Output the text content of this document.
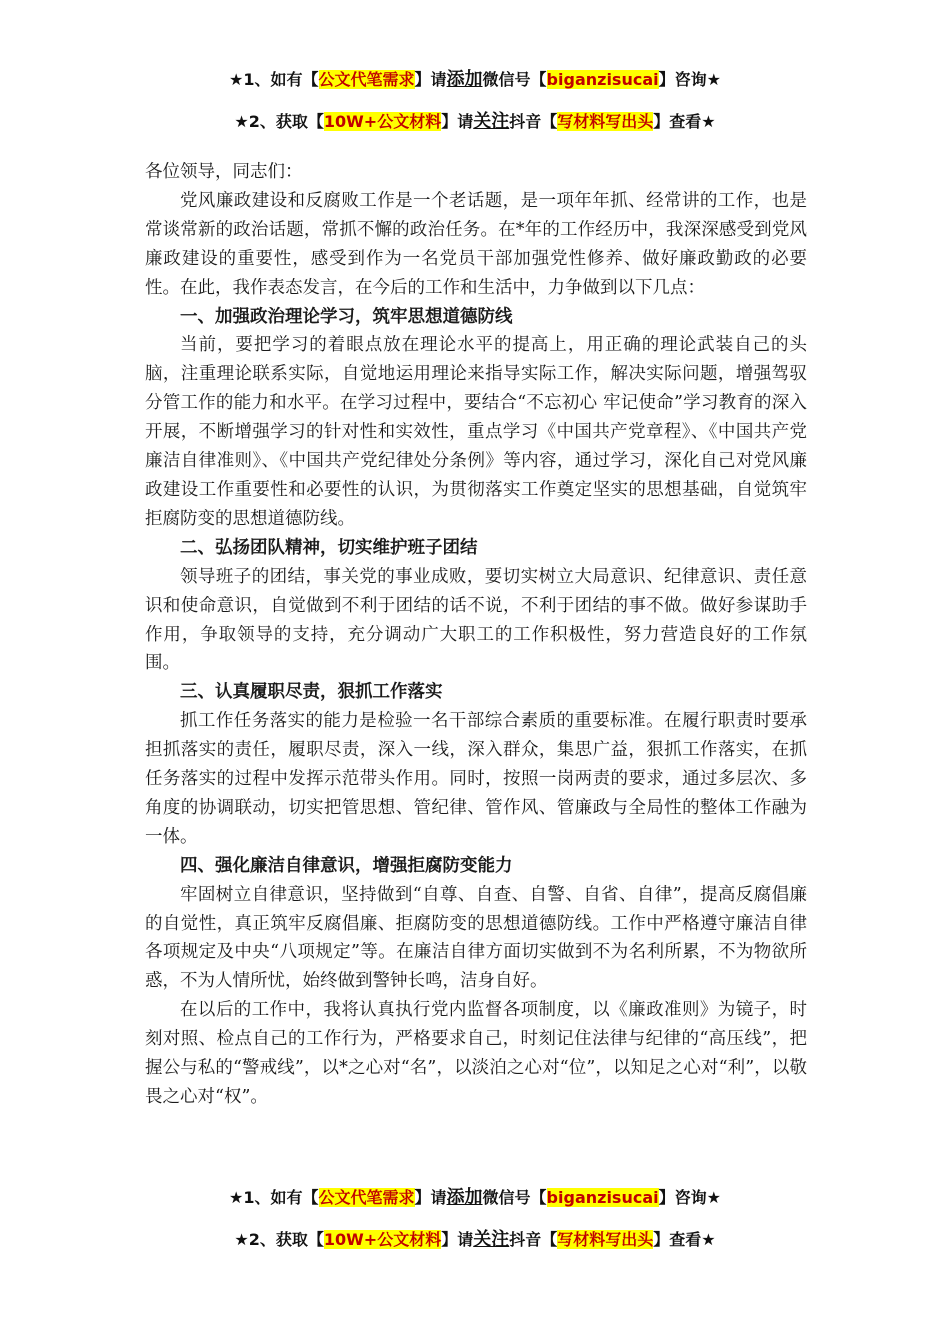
★1、如有【公文代笔需求】请添加微信号【biganzisucai】咨询★
★2、获取【10W+公文材料】请关注抖音【写材料写出头】查看★

各位领导，同志们：

党风廉政建设和反腐败工作是一个老话题，是一项年年抓、经常讲的工作，也是常谈常新的政治话题，常抓不懈的政治任务。在*年的工作经历中，我深深感受到党风廉政建设的重要性，感受到作为一名党员干部加强党性修养、做好廉政勤政的必要性。在此，我作表态发言，在今后的工作和生活中，力争做到以下几点：

一、加强政治理论学习，筑牢思想道德防线

当前，要把学习的着眼点放在理论水平的提高上，用正确的理论武装自己的头脑，注重理论联系实际，自觉地运用理论来指导实际工作，解决实际问题，增强驾驭分管工作的能力和水平。在学习过程中，要结合“不忘初心 牢记使命”学习教育的深入开展，不断增强学习的针对性和实效性，重点学习《中国共产党章程》、《中国共产党廉洁自律准则》、《中国共产党纪律处分条例》等内容，通过学习，深化自己对党风廉政建设工作重要性和必要性的认识，为贯彻落实工作奠定坚实的思想基础，自觉筑牢拒腐防变的思想道德防线。

二、弘扬团队精神，切实维护班子团结

领导班子的团结，事关党的事业成败，要切实树立大局意识、纪律意识、责任意识和使命意识，自觉做到不利于团结的话不说，不利于团结的事不做。做好参谋助手作用，争取领导的支持，充分调动广大职工的工作积极性，努力营造良好的工作氛围。

三、认真履职尽责，狠抓工作落实

抓工作任务落实的能力是检验一名干部综合素质的重要标准。在履行职责时要承担抓落实的责任，履职尽责，深入一线，深入群众，集思广益，狠抓工作落实，在抓任务落实的过程中发挥示范带头作用。同时，按照一岗两责的要求，通过多层次、多角度的协调联动，切实把管思想、管纪律、管作风、管廉政与全局性的整体工作融为一体。

四、强化廉洁自律意识，增强拒腐防变能力

牢固树立自律意识，坚持做到“自尊、自查、自警、自省、自律”，提高反腐倡廉的自觉性，真正筑牢反腐倡廉、拒腐防变的思想道德防线。工作中严格遵守廉洁自律各项规定及中央“八项规定”等。在廉洁自律方面切实做到不为名利所累，不为物欲所惑，不为人情所忧，始终做到警钟长鸣，洁身自好。

在以后的工作中，我将认真执行党内监督各项制度，以《廉政准则》为镜子，时刻对照、检点自己的工作行为，严格要求自己，时刻记住法律与纪律的“高压线”，把握公与私的“警戒线”，以*之心对“名”，以淡泊之心对“位”，以知足之心对“利”，以敬畏之心对“权”。

★1、如有【公文代笔需求】请添加微信号【biganzisucai】咨询★
★2、获取【10W+公文材料】请关注抖音【写材料写出头】查看★
